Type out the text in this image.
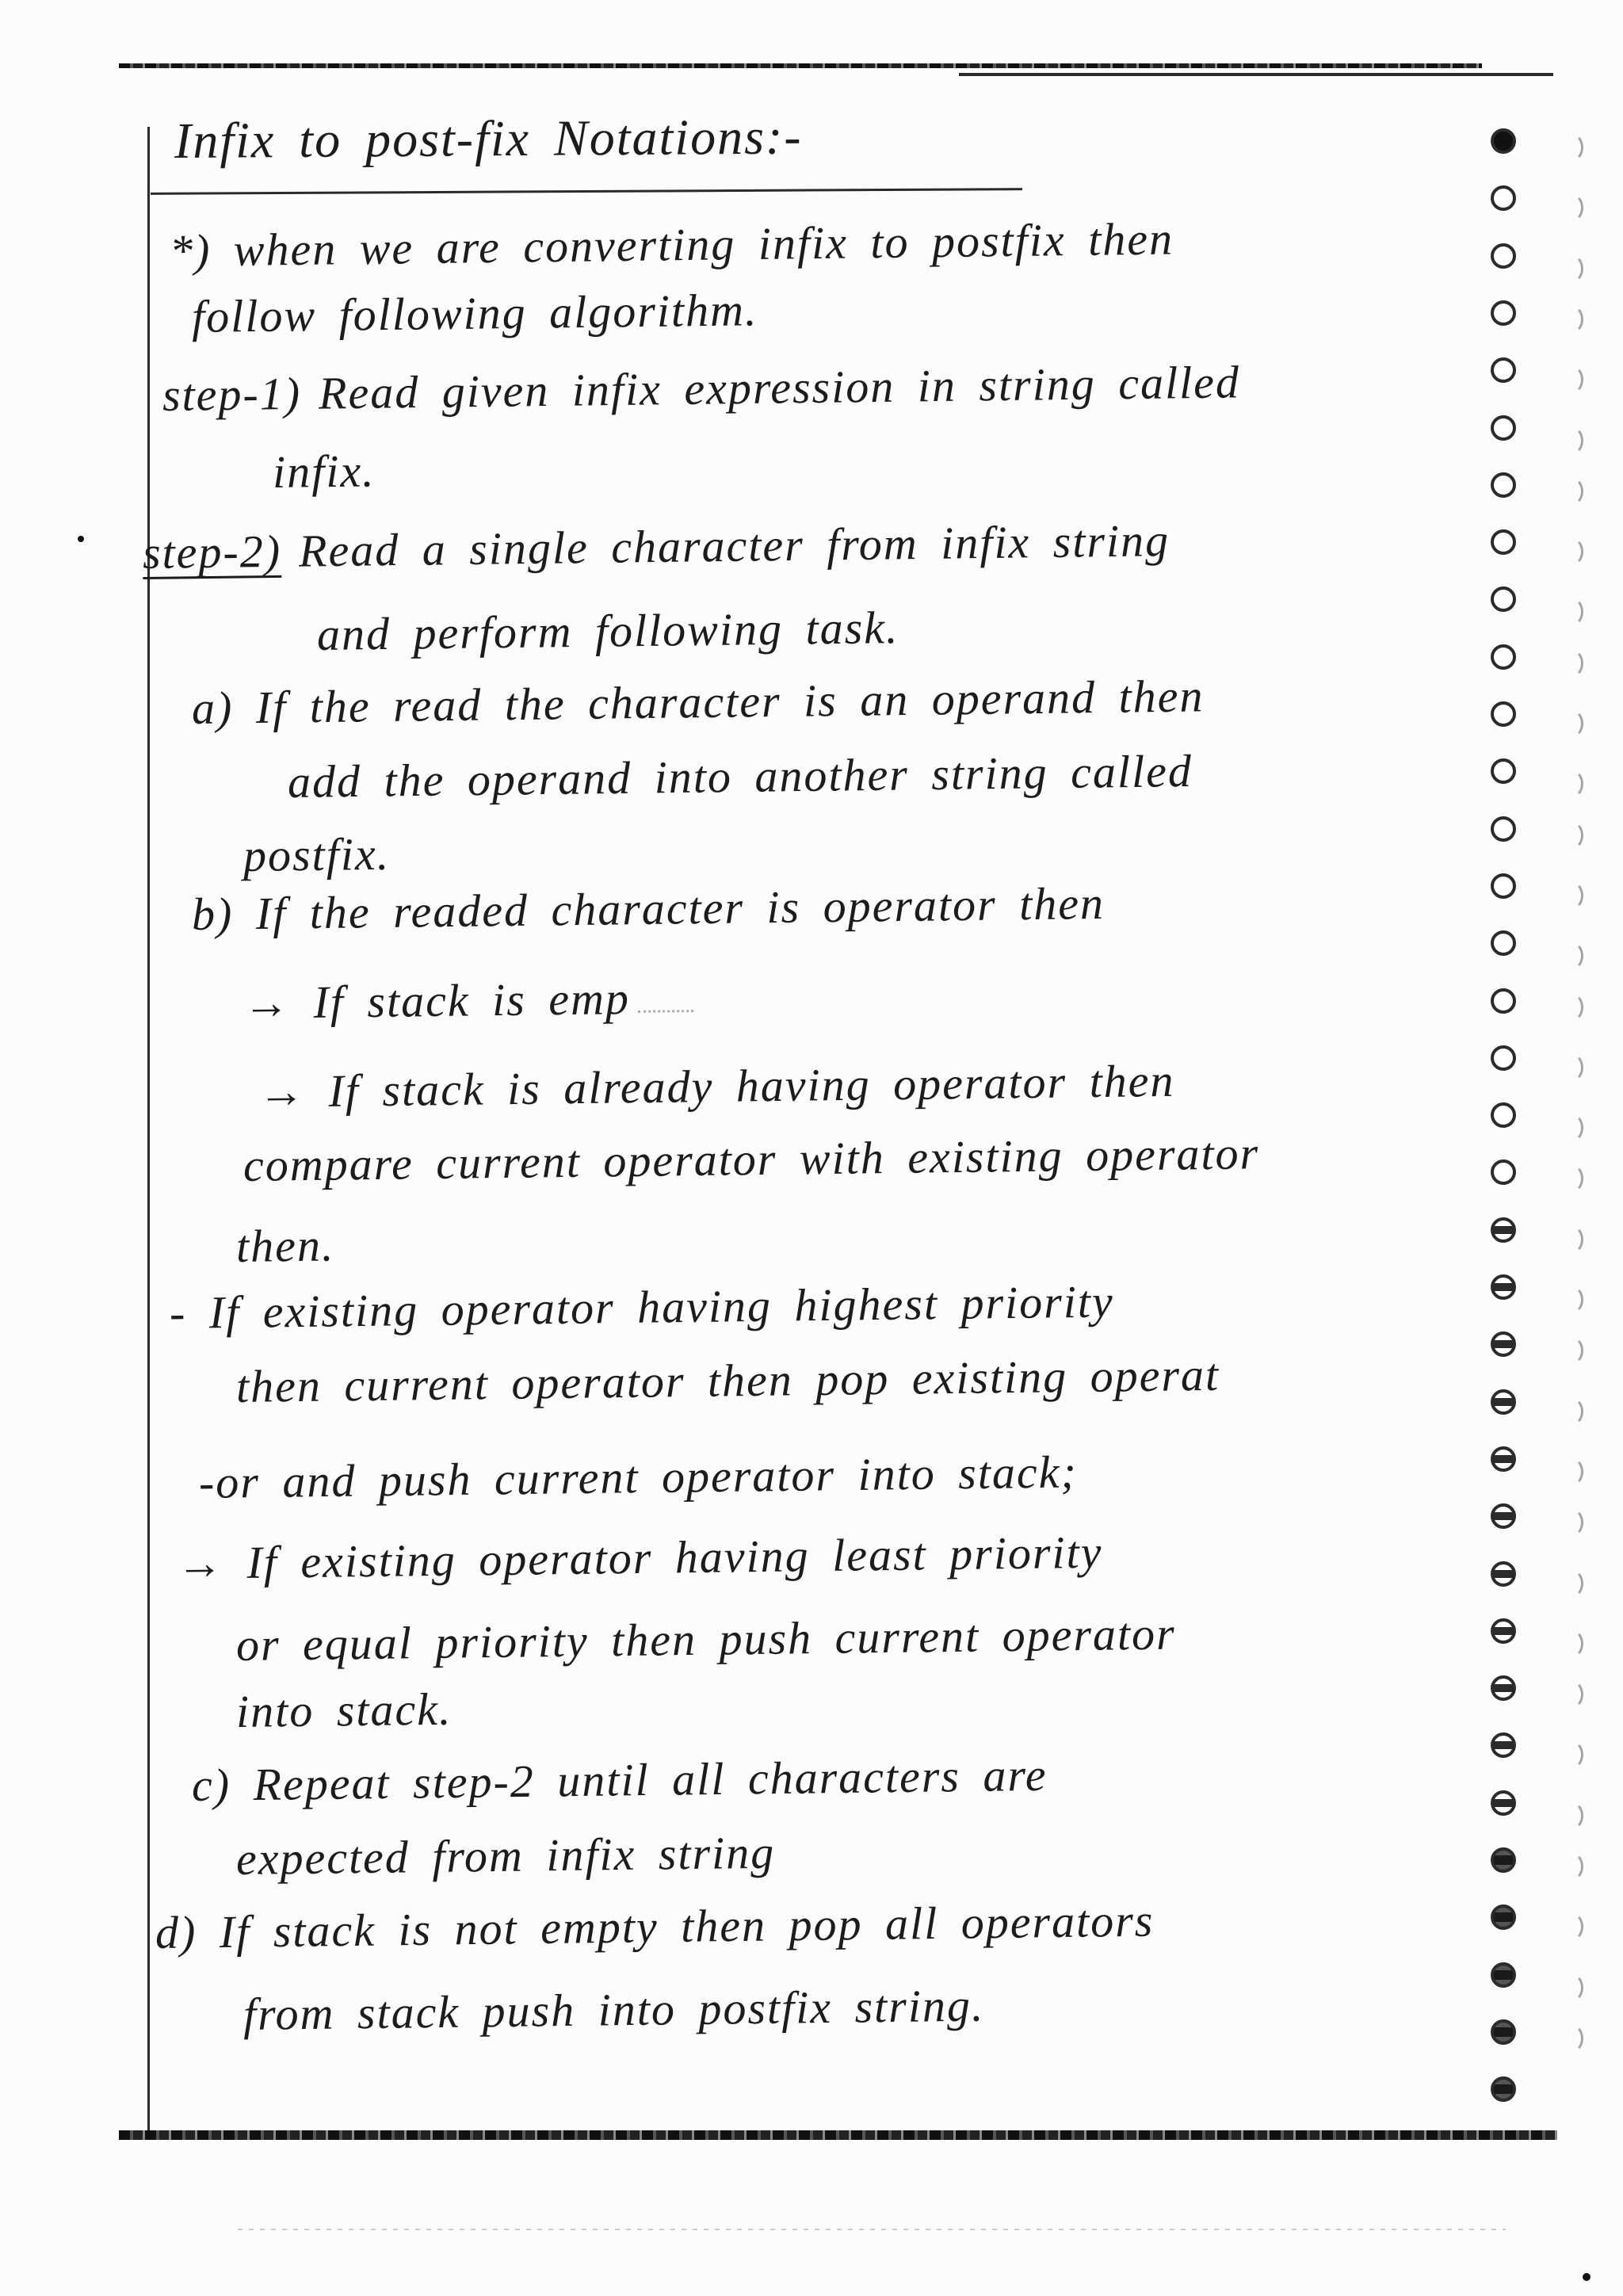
Infix to post-fix Notations:-
*) when we are converting infix to postfix then
follow following algorithm.
step-1) Read given infix expression in string called
infix.
step-2) Read a single character from infix string
and perform following task.
a) If the read the character is an operand then
add the operand into another string called
postfix.
b) If the readed character is operator then
→ If stack is emp
→ If stack is already having operator then
compare current operator with existing operator
then.
- If existing operator having highest priority
then current operator then pop existing operat
-or and push current operator into stack;
→ If existing operator having least priority
or equal priority then push current operator
into stack.
c) Repeat step-2 until all characters are
expected from infix string
d) If stack is not empty then pop all operators
from stack push into postfix string.
